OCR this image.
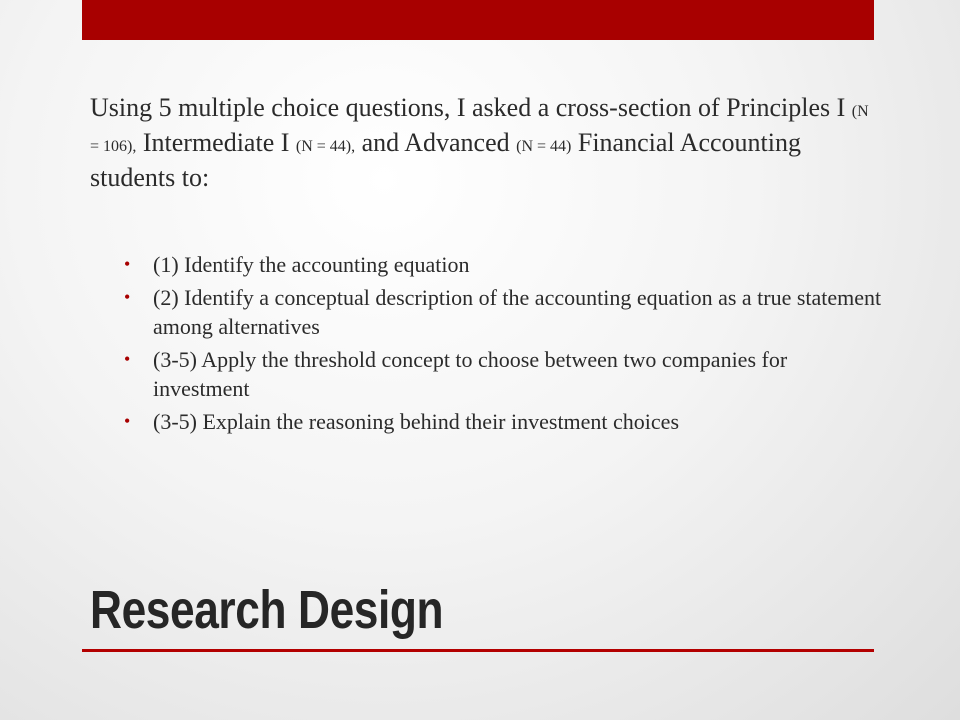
Using 5 multiple choice questions, I asked a cross-section of Principles I (N = 106), Intermediate I (N = 44), and Advanced (N = 44) Financial Accounting students to:

• (1) Identify the accounting equation
• (2) Identify a conceptual description of the accounting equation as a true statement among alternatives
• (3-5) Apply the threshold concept to choose between two companies for investment
• (3-5) Explain the reasoning behind their investment choices
Research Design
